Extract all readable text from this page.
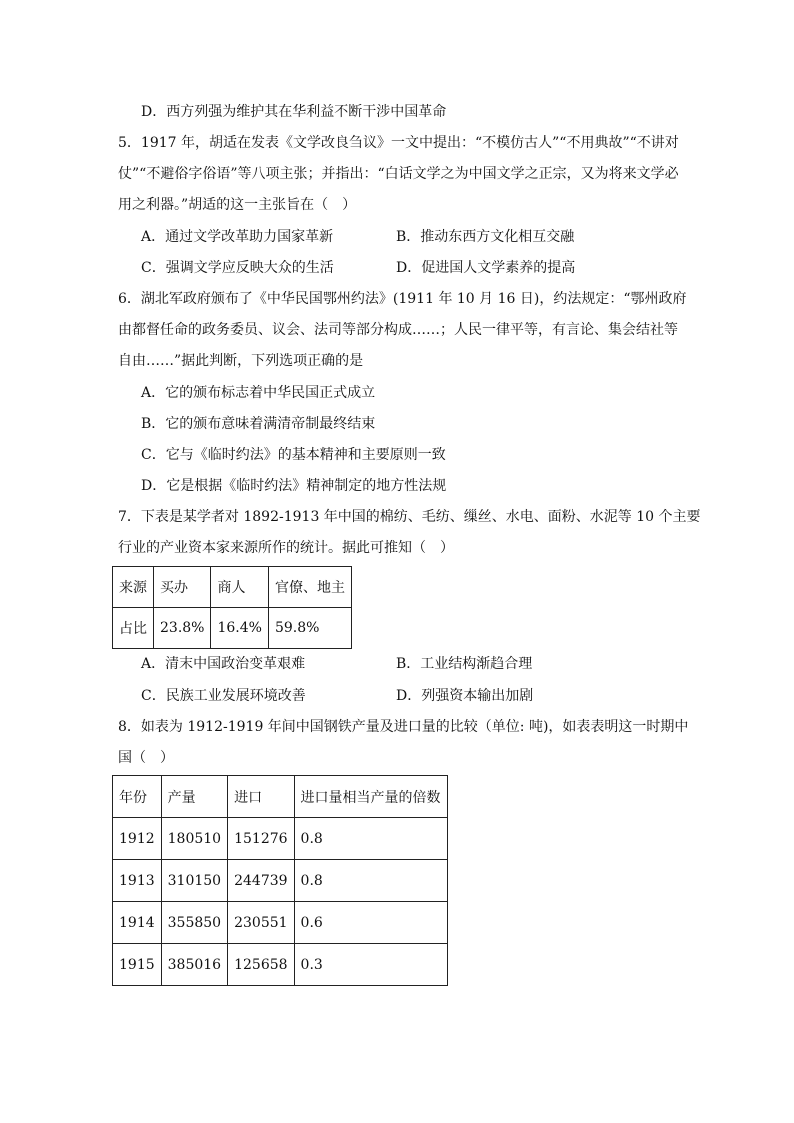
D．西方列强为维护其在华利益不断干涉中国革命
5．1917 年，胡适在发表《文学改良刍议》一文中提出：“不模仿古人”“不用典故”“不讲对
仗”“不避俗字俗语”等八项主张；并指出：“白话文学之为中国文学之正宗，又为将来文学必
用之利器。”胡适的这一主张旨在（　）
A．通过文学改革助力国家革新	B．推动东西方文化相互交融
C．强调文学应反映大众的生活	D．促进国人文学素养的提高
6．湖北军政府颁布了《中华民国鄂州约法》(1911 年 10 月 16 日)，约法规定：“鄂州政府
由都督任命的政务委员、议会、法司等部分构成……；人民一律平等，有言论、集会结社等
自由……”据此判断，下列选项正确的是
A．它的颁布标志着中华民国正式成立
B．它的颁布意味着满清帝制最终结束
C．它与《临时约法》的基本精神和主要原则一致
D．它是根据《临时约法》精神制定的地方性法规
7．下表是某学者对 1892-1913 年中国的棉纺、毛纺、缫丝、水电、面粉、水泥等 10 个主要
行业的产业资本家来源所作的统计。据此可推知（　）
来源	买办	商人	官僚、地主
占比	23.8%	16.4%	59.8%
A．清末中国政治变革艰难	B．工业结构渐趋合理
C．民族工业发展环境改善	D．列强资本输出加剧
8．如表为 1912-1919 年间中国钢铁产量及进口量的比较（单位: 吨)，如表表明这一时期中
国（　）
年份	产量	进口	进口量相当产量的倍数
1912	180510	151276	0.8
1913	310150	244739	0.8
1914	355850	230551	0.6
1915	385016	125658	0.3
